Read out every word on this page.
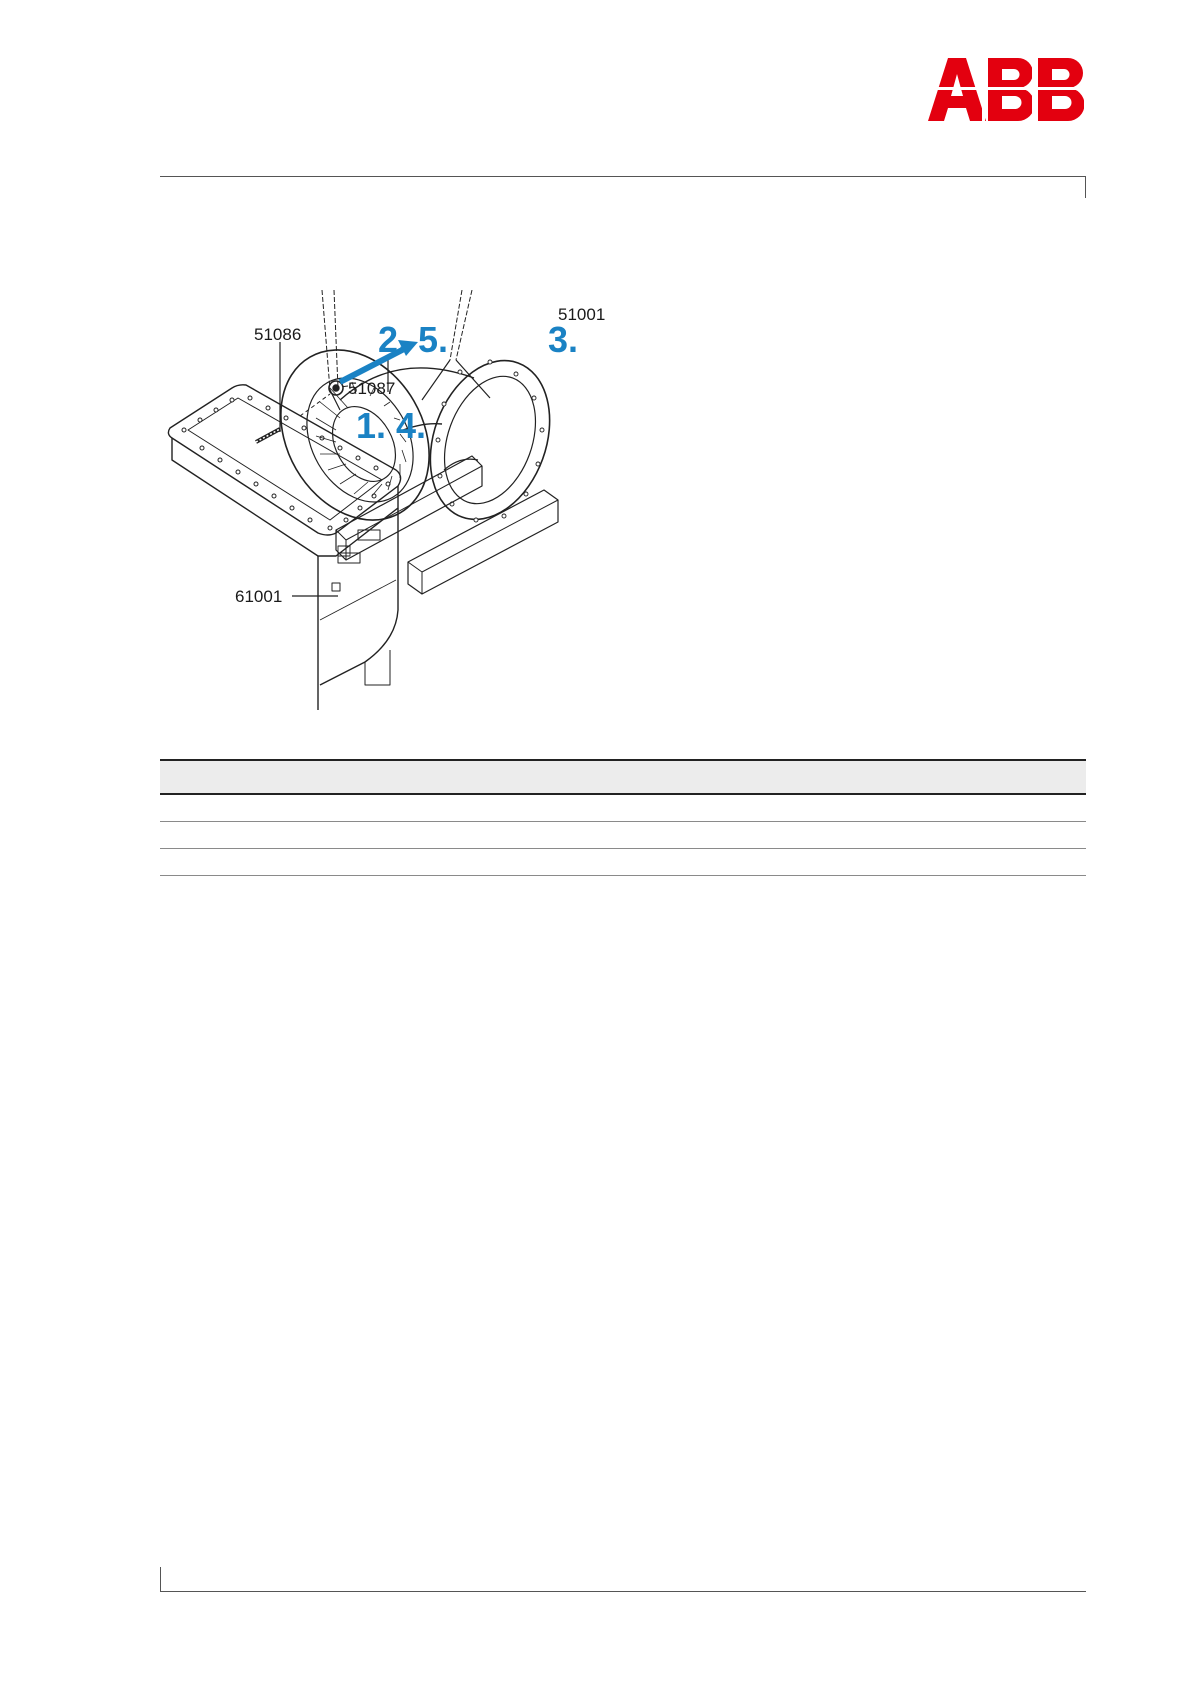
51086
51087
51001
61001
2. 5.
1. 4.
3.
